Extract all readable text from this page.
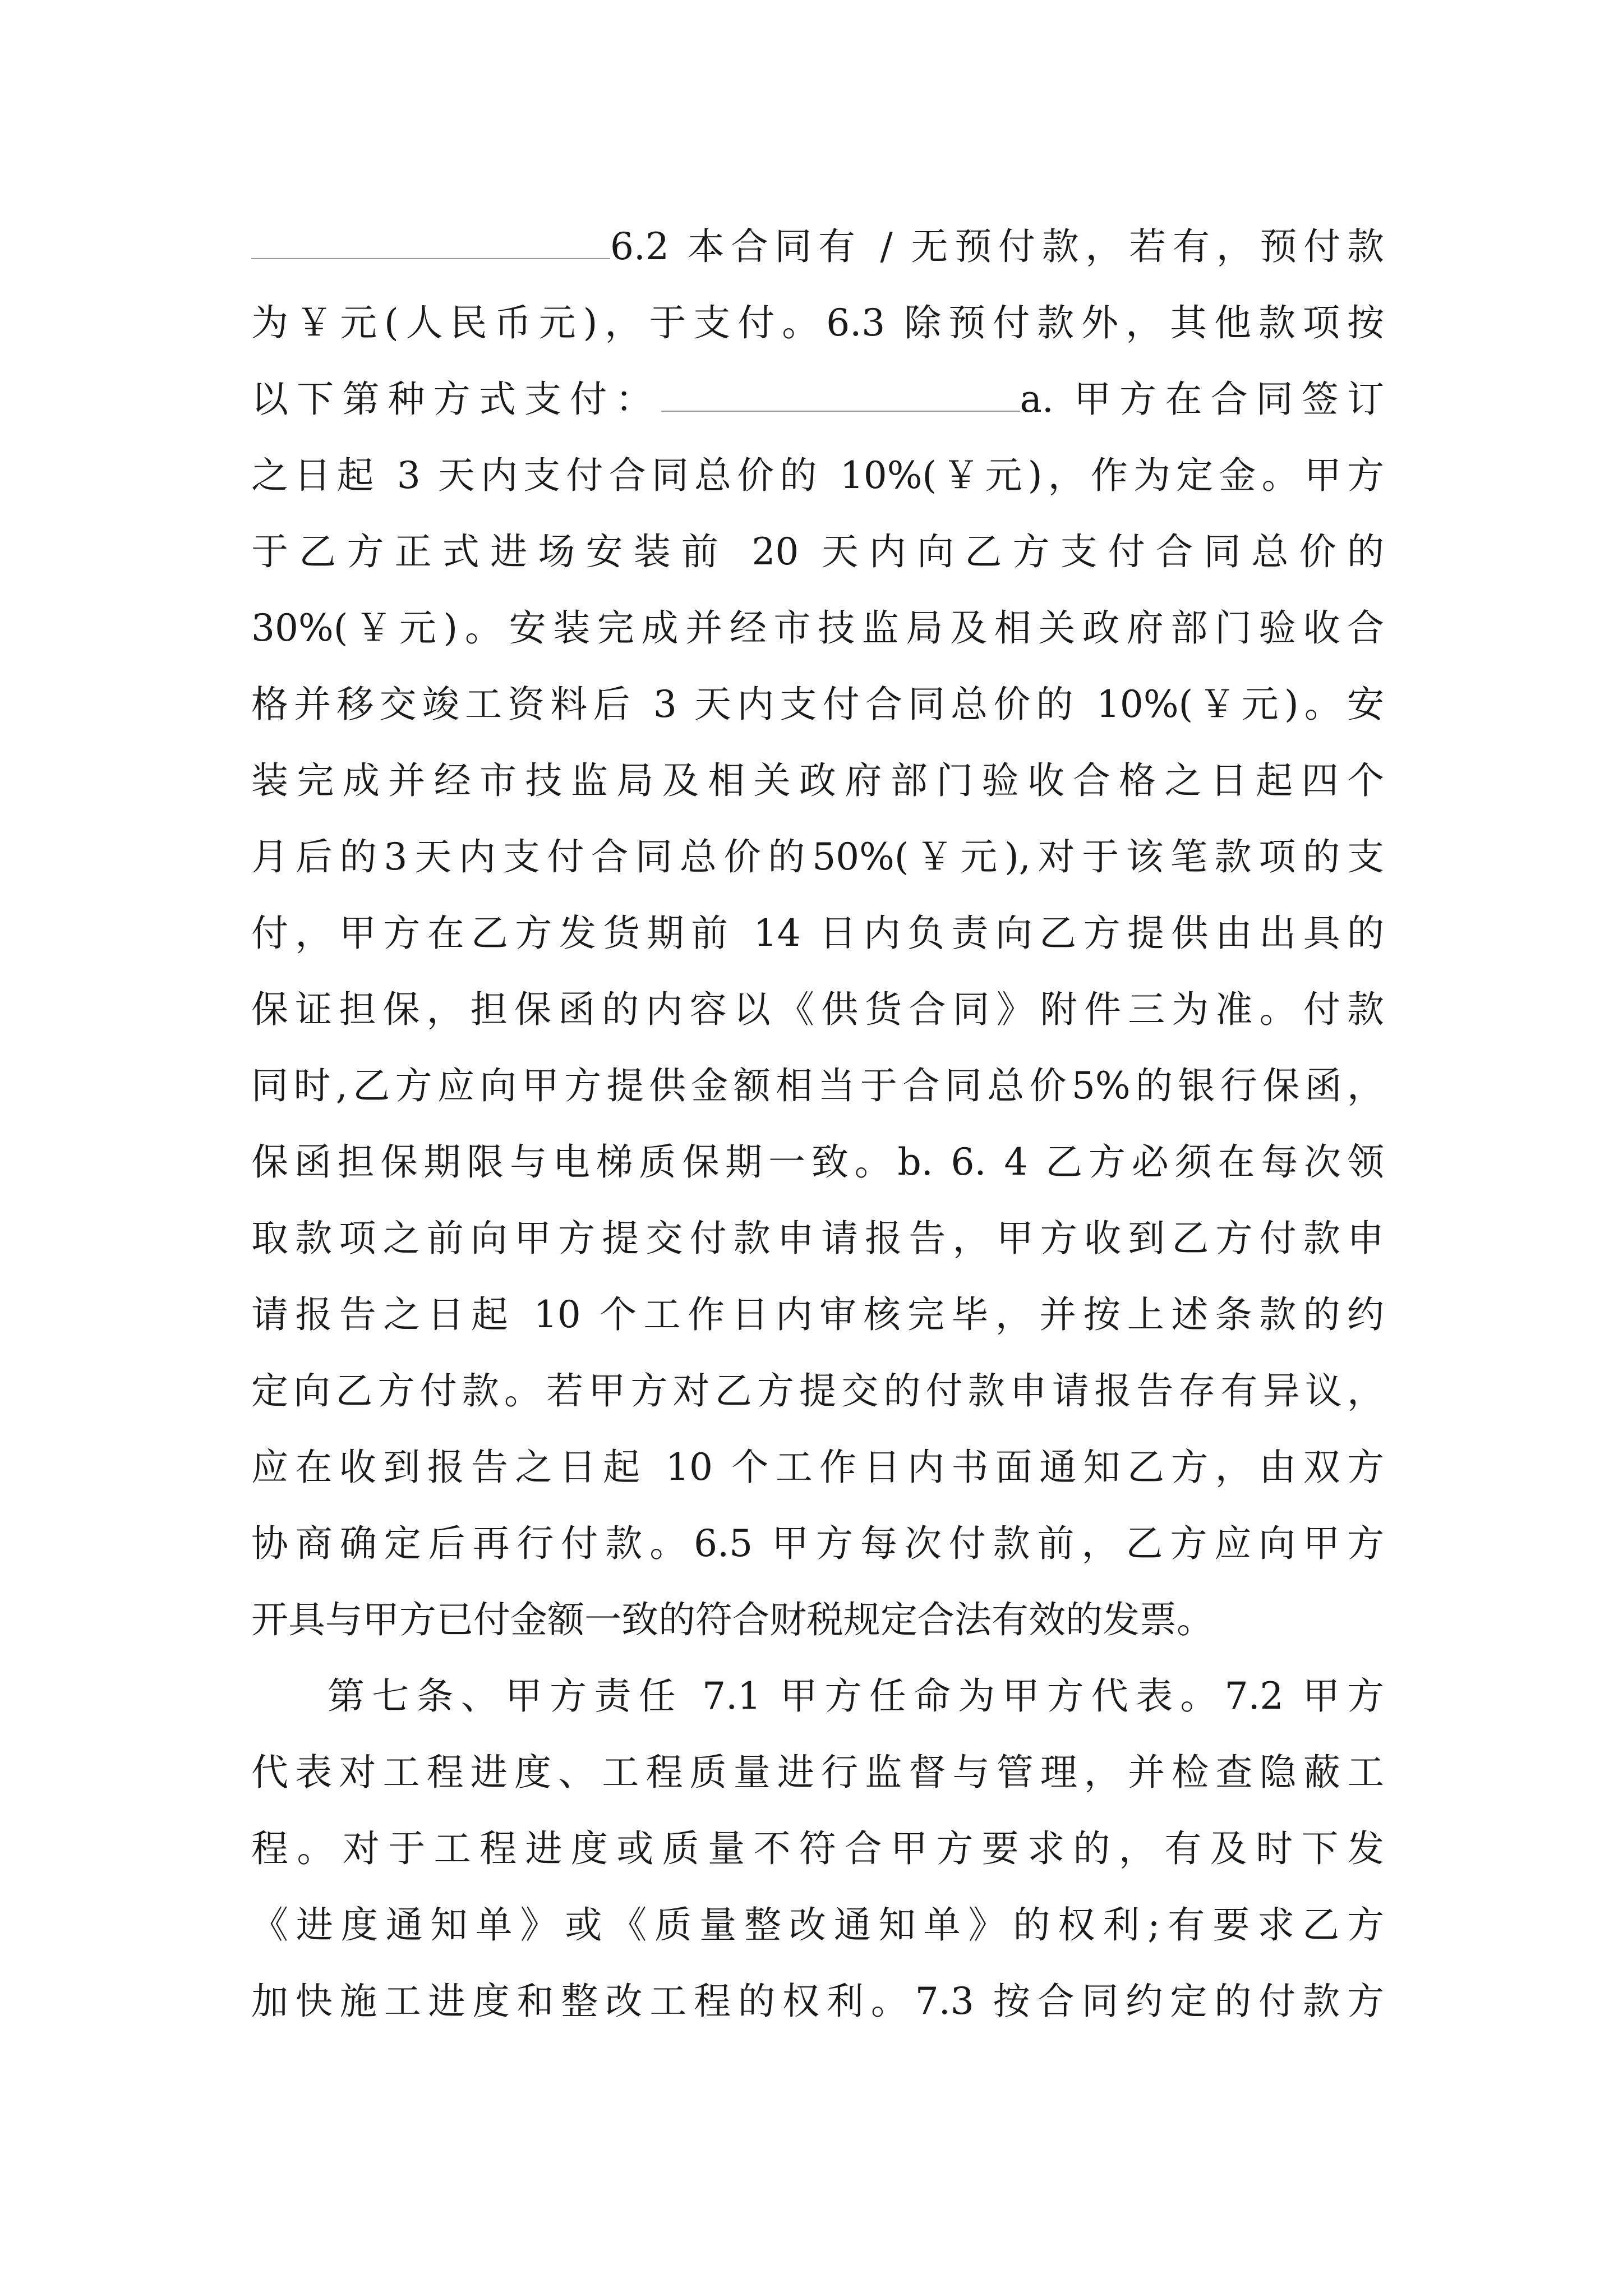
6.2 本合同有 / 无预付款，若有，预付款
为￥元(人民币元)，于支付。6.3 除预付款外，其他款项按
以下第种方式支付：	a. 甲方在合同签订
之日起 3 天内支付合同总价的 10%(￥元)，作为定金。甲方
于乙方正式进场安装前 20 天内向乙方支付合同总价的
30%(￥元)。安装完成并经市技监局及相关政府部门验收合
格并移交竣工资料后 3 天内支付合同总价的 10%(￥元)。安
装完成并经市技监局及相关政府部门验收合格之日起四个
月后的3天内支付合同总价的50%(￥元),对于该笔款项的支
付，甲方在乙方发货期前 14 日内负责向乙方提供由出具的
保证担保，担保函的内容以《供货合同》附件三为准。付款
同时,乙方应向甲方提供金额相当于合同总价5%的银行保函，
保函担保期限与电梯质保期一致。b. 6. 4 乙方必须在每次领
取款项之前向甲方提交付款申请报告，甲方收到乙方付款申
请报告之日起 10 个工作日内审核完毕，并按上述条款的约
定向乙方付款。若甲方对乙方提交的付款申请报告存有异议，
应在收到报告之日起 10 个工作日内书面通知乙方，由双方
协商确定后再行付款。6.5 甲方每次付款前，乙方应向甲方
开具与甲方已付金额一致的符合财税规定合法有效的发票。
第七条、甲方责任 7.1 甲方任命为甲方代表。7.2 甲方
代表对工程进度、工程质量进行监督与管理，并检查隐蔽工
程。对于工程进度或质量不符合甲方要求的，有及时下发
《进度通知单》或《质量整改通知单》的权利;有要求乙方
加快施工进度和整改工程的权利。7.3 按合同约定的付款方
